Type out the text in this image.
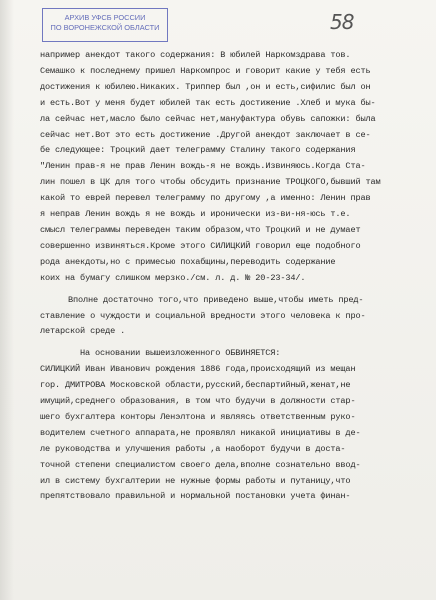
АРХИВ УФСБ РОССИИ
ПО ВОРОНЕЖСКОЙ ОБЛАСТИ	58
например анекдот такого содержания: В юбилей Наркомздрава тов.
Семашко к последнему пришел Наркомпрос и говорит какие у тебя есть
достижения к юбилею.Никаких. Триппер был ,он и есть,сифилис был он
и есть.Вот у меня будет юбилей так есть достижение .Хлеб и мука бы-
ла сейчас нет,масло было сейчас нет,мануфактура обувь сапожки: была
сейчас нет.Вот это есть достижение .Другой анекдот заключает в се-
бе следующее: Троцкий дает телеграмму Сталину такого содержания
"Ленин прав-я не прав Ленин вождь-я не вождь.Извиняюсь.Когда Ста-
лин пошел в ЦК для того чтобы обсудить признание ТРОЦКОГО,бывший там
какой то еврей перевел телеграмму по другому ,а именно: Ленин прав
я неправ Ленин вождь я не вождь и иронически из-ви-ня-юсь т.е.
смысл телеграммы переведен таким образом,что Троцкий и не думает
совершенно извиняться.Кроме этого СИЛИЦКИЙ говорил еще подобного
рода анекдоты,но с примесью похабщины,переводить содержание
коих на бумагу слишком мерзко./см. л. д. № 20-23-34/.
Вполне достаточно того,что приведено выше,чтобы иметь пред-
ставление о чуждости и социальной вредности этого человека к про-
летарской среде .
На основании вышеизложенного ОБВИНЯЕТСЯ:
СИЛИЦКИЙ Иван Иванович рождения 1886 года,происходящий из мещан
гор. ДМИТРОВА Московской области,русский,беспартийный,женат,не
имущий,среднего образования, в том что будучи в должности стар-
шего бухгалтера конторы Ленэлтона и являясь ответственным руко-
водителем счетного аппарата,не проявлял никакой инициативы в де-
ле руководства и улучшения работы ,а наоборот будучи в доста-
точной степени специалистом своего дела,вполне сознательно ввод-
ил в систему бухгалтерии не нужные формы работы и путаницу,что
препятствовало правильной и нормальной постановки учета финан-
